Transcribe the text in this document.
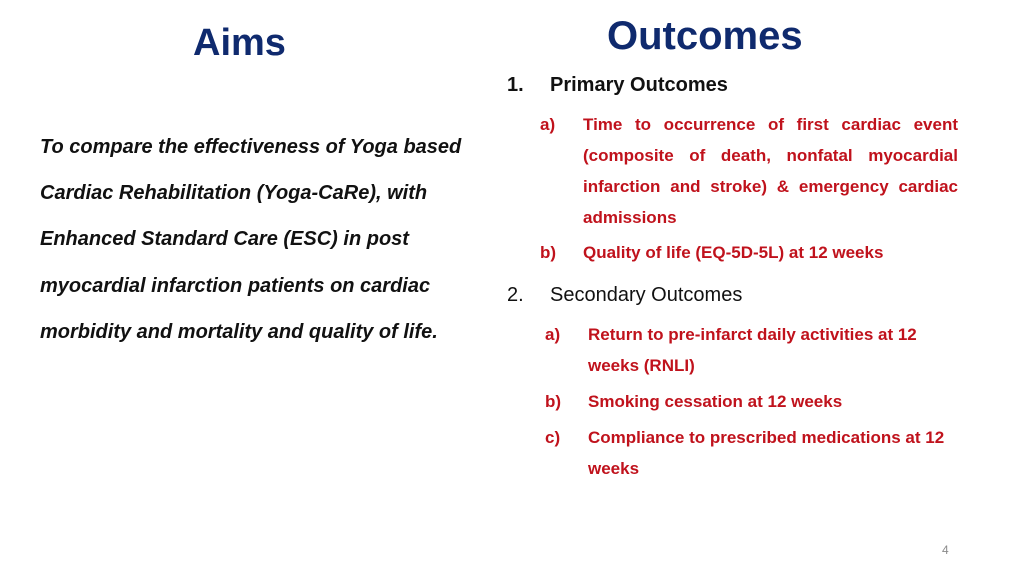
Aims	Outcomes

To compare the effectiveness of Yoga based Cardiac Rehabilitation (Yoga-CaRe), with Enhanced Standard Care (ESC) in post myocardial infarction patients on cardiac morbidity and mortality and quality of life.

1. Primary Outcomes
a) Time to occurrence of first cardiac event (composite of death, nonfatal myocardial infarction and stroke) & emergency cardiac admissions
b) Quality of life (EQ-5D-5L) at 12 weeks
2. Secondary Outcomes
a) Return to pre-infarct daily activities at 12 weeks (RNLI)
b) Smoking cessation at 12 weeks
c) Compliance to prescribed medications at 12 weeks
4
